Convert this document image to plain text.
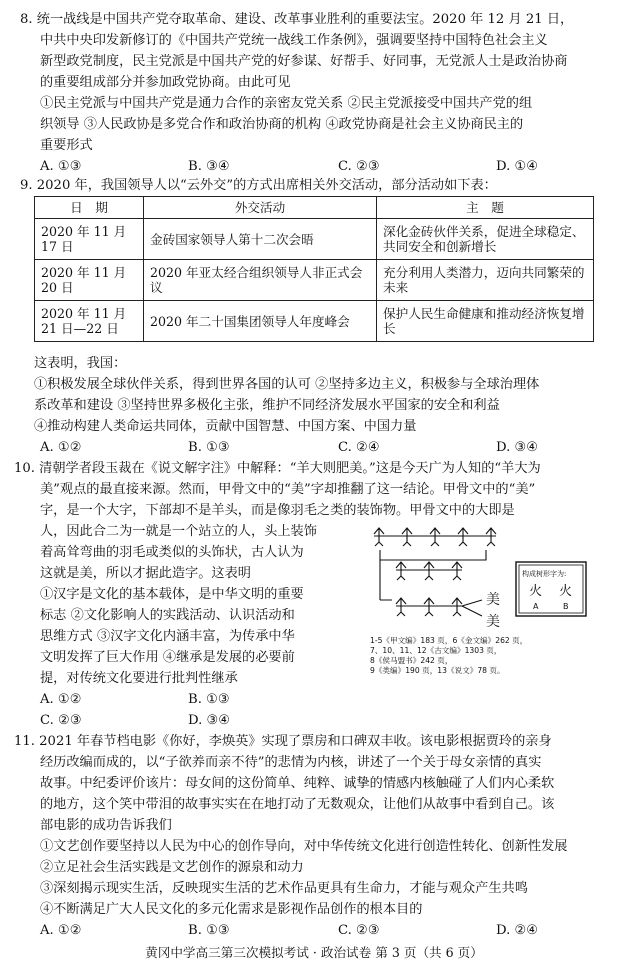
8. 统一战线是中国共产党夺取革命、建设、改革事业胜利的重要法宝。2020 年 12 月 21 日，
中共中央印发新修订的《中国共产党统一战线工作条例》，强调要坚持中国特色社会主义
新型政党制度，民主党派是中国共产党的好参谋、好帮手、好同事，无党派人士是政治协商
的重要组成部分并参加政党协商。由此可见
①民主党派与中国共产党是通力合作的亲密友党关系 ②民主党派接受中国共产党的组
织领导 ③人民政协是多党合作和政治协商的机构 ④政党协商是社会主义协商民主的
重要形式
A. ①③	B. ③④	C. ②③	D. ①④
9. 2020 年，我国领导人以“云外交”的方式出席相关外交活动，部分活动如下表：
日　期	外交活动	主　题
2020 年 11 月 17 日	金砖国家领导人第十二次会晤	深化金砖伙伴关系，促进全球稳定、共同安全和创新增长
2020 年 11 月 20 日	2020 年亚太经合组织领导人非正式会议	充分利用人类潜力，迈向共同繁荣的未来
2020 年 11 月 21 日—22 日	2020 年二十国集团领导人年度峰会	保护人民生命健康和推动经济恢复增长
这表明，我国：
①积极发展全球伙伴关系，得到世界各国的认可 ②坚持多边主义，积极参与全球治理体
系改革和建设 ③坚持世界多极化主张，维护不同经济发展水平国家的安全和利益
④推动构建人类命运共同体，贡献中国智慧、中国方案、中国力量
A. ①②	B. ①③	C. ②④	D. ③④
10. 清朝学者段玉裁在《说文解字注》中解释：“羊大则肥美。”这是今天广为人知的“羊大为
美”观点的最直接来源。然而，甲骨文中的“美”字却推翻了这一结论。甲骨文中的“美”
字，是一个大字，下部却不是羊头，而是像羽毛之类的装饰物。甲骨文中的大即是
人，因此合二为一就是一个站立的人，头上装饰
着高耸弯曲的羽毛或类似的头饰状，古人认为
这就是美，所以才据此造字。这表明
①汉字是文化的基本载体，是中华文明的重要
标志 ②文化影响人的实践活动、认识活动和
思维方式 ③汉字文化内涵丰富，为传承中华
文明发挥了巨大作用 ④继承是发展的必要前
提，对传统文化要进行批判性继承
A. ①②	B. ①③
C. ②③	D. ③④
美
美
构成树形字为:
火 火
A	B
1-5《甲文编》183 页，6《金文编》262 页，
7、10、11、12《古文编》1303 页，
8《侯马盟书》242 页，
9《类编》190 页，13《说文》78 页。
11. 2021 年春节档电影《你好，李焕英》实现了票房和口碑双丰收。该电影根据贾玲的亲身
经历改编而成的，以“子欲养而亲不待”的悲情为内核，讲述了一个关于母女亲情的真实
故事。中纪委评价该片：母女间的这份简单、纯粹、诚挚的情感内核触碰了人们内心柔软
的地方，这个笑中带泪的故事实实在在地打动了无数观众，让他们从故事中看到自己。该
部电影的成功告诉我们
①文艺创作要坚持以人民为中心的创作导向，对中华传统文化进行创造性转化、创新性发展
②立足社会生活实践是文艺创作的源泉和动力
③深刻揭示现实生活，反映现实生活的艺术作品更具有生命力，才能与观众产生共鸣
④不断满足广大人民文化的多元化需求是影视作品创作的根本目的
A. ①②	B. ①③	C. ②③	D. ②④
黄冈中学高三第三次模拟考试 · 政治试卷 第 3 页（共 6 页）
